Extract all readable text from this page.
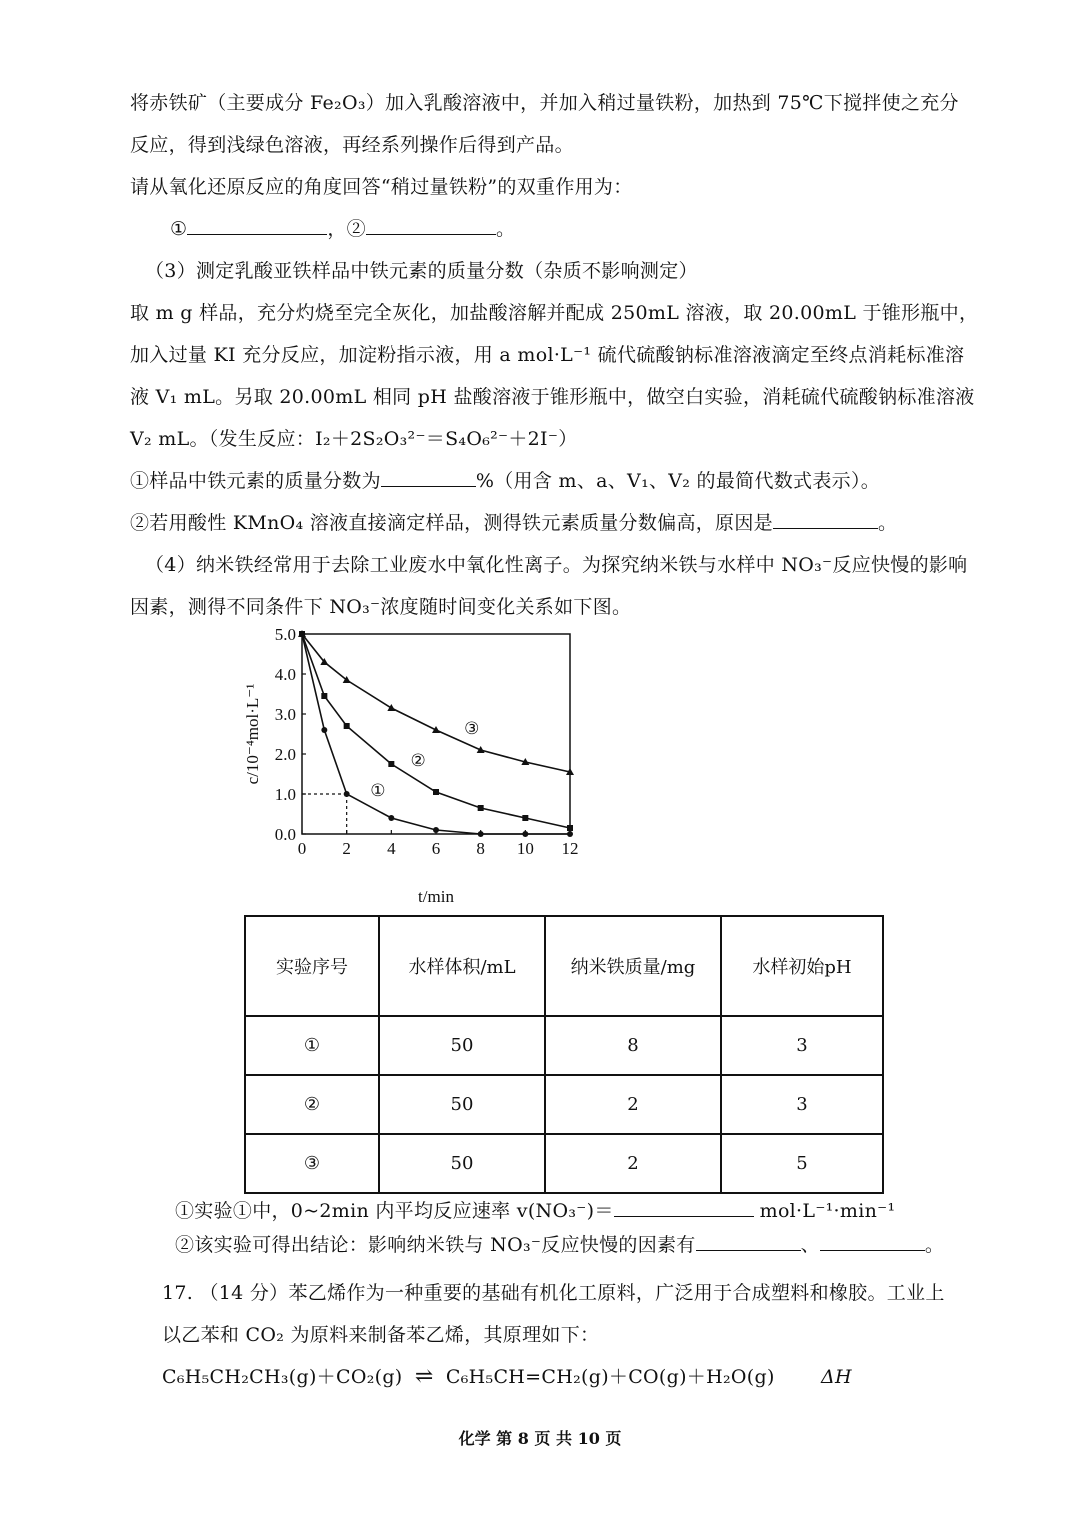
将赤铁矿（主要成分 Fe₂O₃）加入乳酸溶液中，并加入稍过量铁粉，加热到 75℃下搅拌使之充分
反应，得到浅绿色溶液，再经系列操作后得到产品。
请从氧化还原反应的角度回答“稍过量铁粉”的双重作用为：
①	，②	。
（3）测定乳酸亚铁样品中铁元素的质量分数（杂质不影响测定）
取 m g 样品，充分灼烧至完全灰化，加盐酸溶解并配成 250mL 溶液，取 20.00mL 于锥形瓶中，
加入过量 KI 充分反应，加淀粉指示液，用 a mol·L⁻¹ 硫代硫酸钠标准溶液滴定至终点消耗标准溶
液 V₁ mL。另取 20.00mL 相同 pH 盐酸溶液于锥形瓶中，做空白实验，消耗硫代硫酸钠标准溶液
V₂ mL。（发生反应：I₂＋2S₂O₃²⁻＝S₄O₆²⁻＋2I⁻）
①样品中铁元素的质量分数为	%（用含 m、a、V₁、V₂ 的最简代数式表示）。
②若用酸性 KMnO₄ 溶液直接滴定样品，测得铁元素质量分数偏高，原因是	。
（4）纳米铁经常用于去除工业废水中氧化性离子。为探究纳米铁与水样中 NO₃⁻反应快慢的影响
因素，测得不同条件下 NO₃⁻浓度随时间变化关系如下图。
0 2 4 6 8 10 12
0.0
1.0
2.0
3.0
4.0
5.0
t/min
c/10⁻⁴mol·L⁻¹
①
②
③
实验序号	水样体积/mL	纳米铁质量/mg	水样初始pH
①	50	8	3
②	50	2	3
③	50	2	5
①实验①中，0~2min 内平均反应速率 v(NO₃⁻)＝	mol·L⁻¹·min⁻¹
②该实验可得出结论：影响纳米铁与 NO₃⁻反应快慢的因素有	、	。
17. （14 分）苯乙烯作为一种重要的基础有机化工原料，广泛用于合成塑料和橡胶。工业上
以乙苯和 CO₂ 为原料来制备苯乙烯，其原理如下：
C₆H₅CH₂CH₃(g)＋CO₂(g) ⇌ C₆H₅CH=CH₂(g)＋CO(g)＋H₂O(g) ΔH
化学 第 8 页 共 10 页
